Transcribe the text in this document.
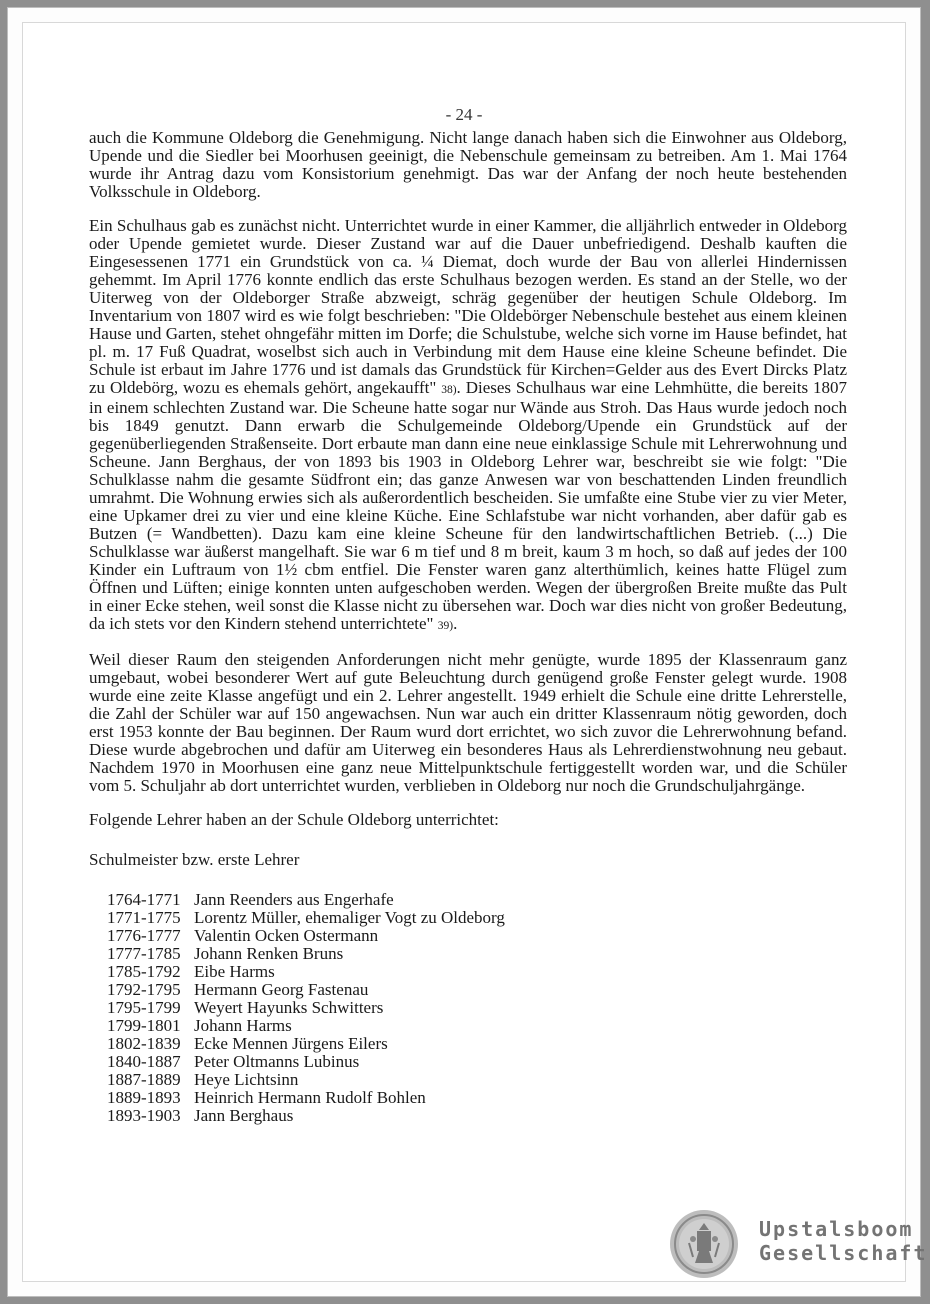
- 24 -

auch die Kommune Oldeborg die Genehmigung. Nicht lange danach haben sich die Einwohner aus Oldeborg, Upende und die Siedler bei Moorhusen geeinigt, die Nebenschule gemeinsam zu betreiben. Am 1. Mai 1764 wurde ihr Antrag dazu vom Konsistorium genehmigt. Das war der Anfang der noch heute bestehenden Volksschule in Oldeborg.

Ein Schulhaus gab es zunächst nicht. Unterrichtet wurde in einer Kammer, die alljährlich entweder in Oldeborg oder Upende gemietet wurde. Dieser Zustand war auf die Dauer unbefriedigend. Deshalb kauften die Eingesessenen 1771 ein Grundstück von ca. ¼ Diemat, doch wurde der Bau von allerlei Hindernissen gehemmt. Im April 1776 konnte endlich das erste Schulhaus bezogen werden. Es stand an der Stelle, wo der Uiterweg von der Oldeborger Straße abzweigt, schräg gegenüber der heutigen Schule Oldeborg. Im Inventarium von 1807 wird es wie folgt beschrieben: "Die Oldebörger Nebenschule bestehet aus einem kleinen Hause und Garten, stehet ohngefähr mitten im Dorfe; die Schulstube, welche sich vorne im Hause befindet, hat pl. m. 17 Fuß Quadrat, woselbst sich auch in Verbindung mit dem Hause eine kleine Scheune befindet. Die Schule ist erbaut im Jahre 1776 und ist damals das Grundstück für Kirchen=Gelder aus des Evert Dircks Platz zu Oldebörg, wozu es ehemals gehört, angekaufft" 38). Dieses Schulhaus war eine Lehmhütte, die bereits 1807 in einem schlechten Zustand war. Die Scheune hatte sogar nur Wände aus Stroh. Das Haus wurde jedoch noch bis 1849 genutzt. Dann erwarb die Schulgemeinde Oldeborg/Upende ein Grundstück auf der gegenüberliegenden Straßenseite. Dort erbaute man dann eine neue einklassige Schule mit Lehrerwohnung und Scheune. Jann Berghaus, der von 1893 bis 1903 in Oldeborg Lehrer war, beschreibt sie wie folgt: "Die Schulklasse nahm die gesamte Südfront ein; das ganze Anwesen war von beschattenden Linden freundlich umrahmt. Die Wohnung erwies sich als außerordentlich bescheiden. Sie umfaßte eine Stube vier zu vier Meter, eine Upkamer drei zu vier und eine kleine Küche. Eine Schlafstube war nicht vorhanden, aber dafür gab es Butzen (= Wandbetten). Dazu kam eine kleine Scheune für den landwirtschaftlichen Betrieb. (...) Die Schulklasse war äußerst mangelhaft. Sie war 6 m tief und 8 m breit, kaum 3 m hoch, so daß auf jedes der 100 Kinder ein Luftraum von 1½ cbm entfiel. Die Fenster waren ganz alterthümlich, keines hatte Flügel zum Öffnen und Lüften; einige konnten unten aufgeschoben werden. Wegen der übergroßen Breite mußte das Pult in einer Ecke stehen, weil sonst die Klasse nicht zu übersehen war. Doch war dies nicht von großer Bedeutung, da ich stets vor den Kindern stehend unterrichtete" 39).

Weil dieser Raum den steigenden Anforderungen nicht mehr genügte, wurde 1895 der Klassenraum ganz umgebaut, wobei besonderer Wert auf gute Beleuchtung durch genügend große Fenster gelegt wurde. 1908 wurde eine zeite Klasse angefügt und ein 2. Lehrer angestellt. 1949 erhielt die Schule eine dritte Lehrerstelle, die Zahl der Schüler war auf 150 angewachsen. Nun war auch ein dritter Klassenraum nötig geworden, doch erst 1953 konnte der Bau beginnen. Der Raum wurd dort errichtet, wo sich zuvor die Lehrerwohnung befand. Diese wurde abgebrochen und dafür am Uiterweg ein besonderes Haus als Lehrerdienstwohnung neu gebaut. Nachdem 1970 in Moorhusen eine ganz neue Mittelpunktschule fertiggestellt worden war, und die Schüler vom 5. Schuljahr ab dort unterrichtet wurden, verblieben in Oldeborg nur noch die Grundschuljahrgänge.

Folgende Lehrer haben an der Schule Oldeborg unterrichtet:

Schulmeister bzw. erste Lehrer

1764-1771 Jann Reenders aus Engerhafe
1771-1775 Lorentz Müller, ehemaliger Vogt zu Oldeborg
1776-1777 Valentin Ocken Ostermann
1777-1785 Johann Renken Bruns
1785-1792 Eibe Harms
1792-1795 Hermann Georg Fastenau
1795-1799 Weyert Hayunks Schwitters
1799-1801 Johann Harms
1802-1839 Ecke Mennen Jürgens Eilers
1840-1887 Peter Oltmanns Lubinus
1887-1889 Heye Lichtsinn
1889-1893 Heinrich Hermann Rudolf Bohlen
1893-1903 Jann Berghaus
Upstalsboom
Gesellschaft
